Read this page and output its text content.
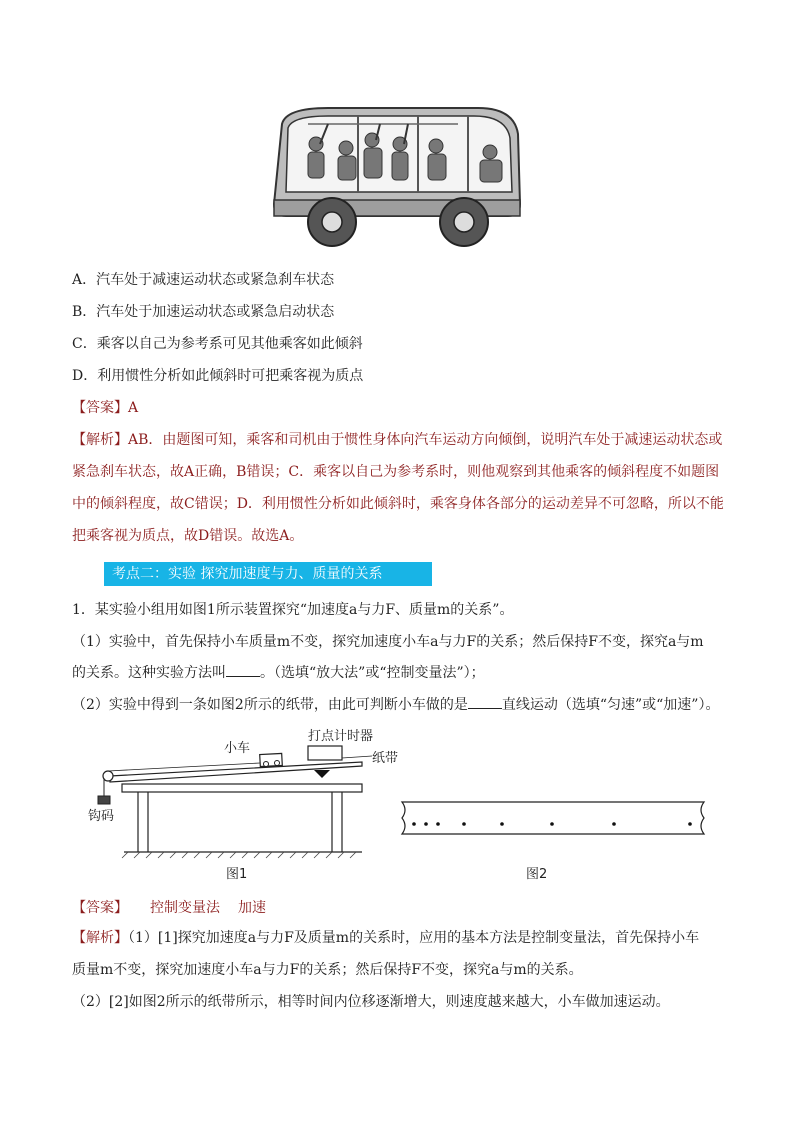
A．汽车处于减速运动状态或紧急刹车状态
B．汽车处于加速运动状态或紧急启动状态
C．乘客以自己为参考系可见其他乘客如此倾斜
D．利用惯性分析如此倾斜时可把乘客视为质点
【答案】A
【解析】AB．由题图可知，乘客和司机由于惯性身体向汽车运动方向倾倒，说明汽车处于减速运动状态或
紧急刹车状态，故A正确，B错误；C．乘客以自己为参考系时，则他观察到其他乘客的倾斜程度不如题图
中的倾斜程度，故C错误；D．利用惯性分析如此倾斜时，乘客身体各部分的运动差异不可忽略，所以不能
把乘客视为质点，故D错误。故选A。
考点二：实验 探究加速度与力、质量的关系
1．某实验小组用如图1所示装置探究“加速度a与力F、质量m的关系”。
（1）实验中，首先保持小车质量m不变，探究加速度小车a与力F的关系；然后保持F不变，探究a与m
的关系。这种实验方法叫 。（选填“放大法”或“控制变量法”）；
（2）实验中得到一条如图2所示的纸带，由此可判断小车做的是 直线运动（选填“匀速”或“加速”）。
小车
打点计时器
纸带
钩码
图1	图2
【答案】 控制变量法 加速
【解析】（1）[1]探究加速度a与力F及质量m的关系时，应用的基本方法是控制变量法，首先保持小车
质量m不变，探究加速度小车a与力F的关系；然后保持F不变，探究a与m的关系。
（2）[2]如图2所示的纸带所示，相等时间内位移逐渐增大，则速度越来越大，小车做加速运动。
